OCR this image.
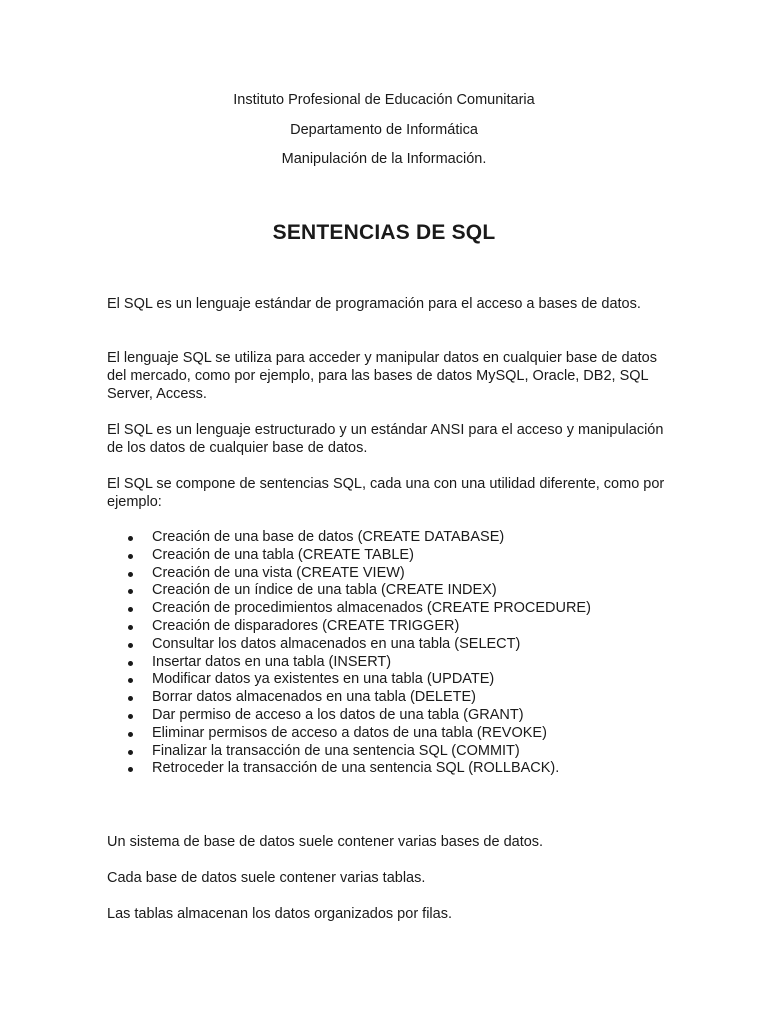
Instituto Profesional de Educación Comunitaria
Departamento de Informática
Manipulación de la Información.
SENTENCIAS DE SQL

El SQL es un lenguaje estándar de programación para el acceso a bases de datos.

El lenguaje SQL se utiliza para acceder y manipular datos en cualquier base de datos del mercado, como por ejemplo, para las bases de datos MySQL, Oracle, DB2, SQL Server, Access.

El SQL es un lenguaje estructurado y un estándar ANSI para el acceso y manipulación de los datos de cualquier base de datos.

El SQL se compone de sentencias SQL, cada una con una utilidad diferente, como por ejemplo:

Creación de una base de datos (CREATE DATABASE)
Creación de una tabla (CREATE TABLE)
Creación de una vista (CREATE VIEW)
Creación de un índice de una tabla (CREATE INDEX)
Creación de procedimientos almacenados (CREATE PROCEDURE)
Creación de disparadores (CREATE TRIGGER)
Consultar los datos almacenados en una tabla (SELECT)
Insertar datos en una tabla (INSERT)
Modificar datos ya existentes en una tabla (UPDATE)
Borrar datos almacenados en una tabla (DELETE)
Dar permiso de acceso a los datos de una tabla (GRANT)
Eliminar permisos de acceso a datos de una tabla (REVOKE)
Finalizar la transacción de una sentencia SQL (COMMIT)
Retroceder la transacción de una sentencia SQL (ROLLBACK).

Un sistema de base de datos suele contener varias bases de datos.

Cada base de datos suele contener varias tablas.

Las tablas almacenan los datos organizados por filas.
